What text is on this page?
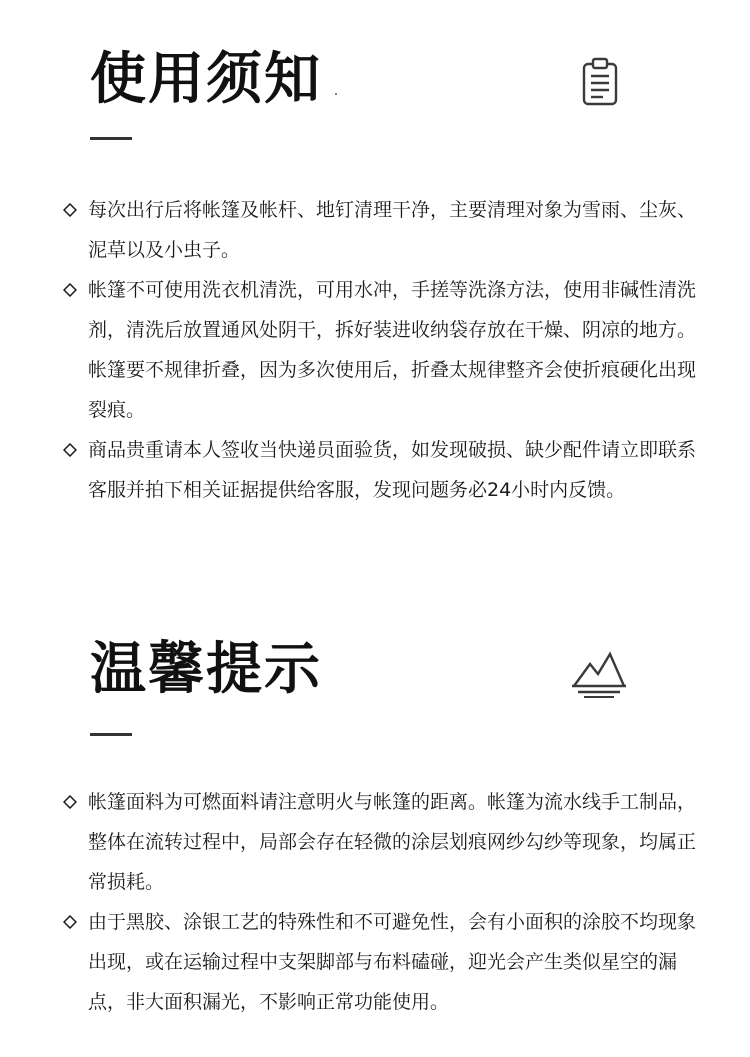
使用须知
每次出行后将帐篷及帐杆、地钉清理干净，主要清理对象为雪雨、尘灰、泥草以及小虫子。
帐篷不可使用洗衣机清洗，可用水冲，手搓等洗涤方法，使用非碱性清洗剂，清洗后放置通风处阴干，拆好装进收纳袋存放在干燥、阴凉的地方。帐篷要不规律折叠，因为多次使用后，折叠太规律整齐会使折痕硬化出现裂痕。
商品贵重请本人签收当快递员面验货，如发现破损、缺少配件请立即联系客服并拍下相关证据提供给客服，发现问题务必24小时内反馈。
温馨提示
帐篷面料为可燃面料请注意明火与帐篷的距离。帐篷为流水线手工制品，整体在流转过程中，局部会存在轻微的涂层划痕网纱勾纱等现象，均属正常损耗。
由于黑胶、涂银工艺的特殊性和不可避免性，会有小面积的涂胶不均现象出现，或在运输过程中支架脚部与布料磕碰，迎光会产生类似星空的漏点，非大面积漏光，不影响正常功能使用。
